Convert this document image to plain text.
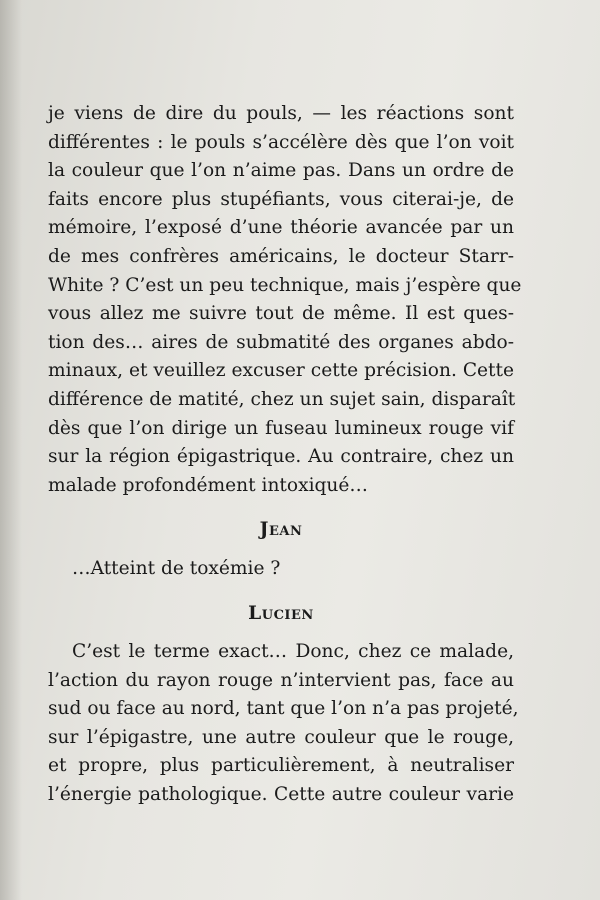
je viens de dire du pouls, — les réactions sont
différentes : le pouls s’accélère dès que l’on voit
la couleur que l’on n’aime pas. Dans un ordre de
faits encore plus stupéfiants, vous citerai-je, de
mémoire, l’exposé d’une théorie avancée par un
de mes confrères américains, le docteur Starr-
White ? C’est un peu technique, mais j’espère que
vous allez me suivre tout de même. Il est ques-
tion des… aires de submatité des organes abdo-
minaux, et veuillez excuser cette précision. Cette
différence de matité, chez un sujet sain, disparaît
dès que l’on dirige un fuseau lumineux rouge vif
sur la région épigastrique. Au contraire, chez un
malade profondément intoxiqué…
Jean
…Atteint de toxémie ?
Lucien
C’est le terme exact… Donc, chez ce malade,
l’action du rayon rouge n’intervient pas, face au
sud ou face au nord, tant que l’on n’a pas projeté,
sur l’épigastre, une autre couleur que le rouge,
et propre, plus particulièrement, à neutraliser
l’énergie pathologique. Cette autre couleur varie
